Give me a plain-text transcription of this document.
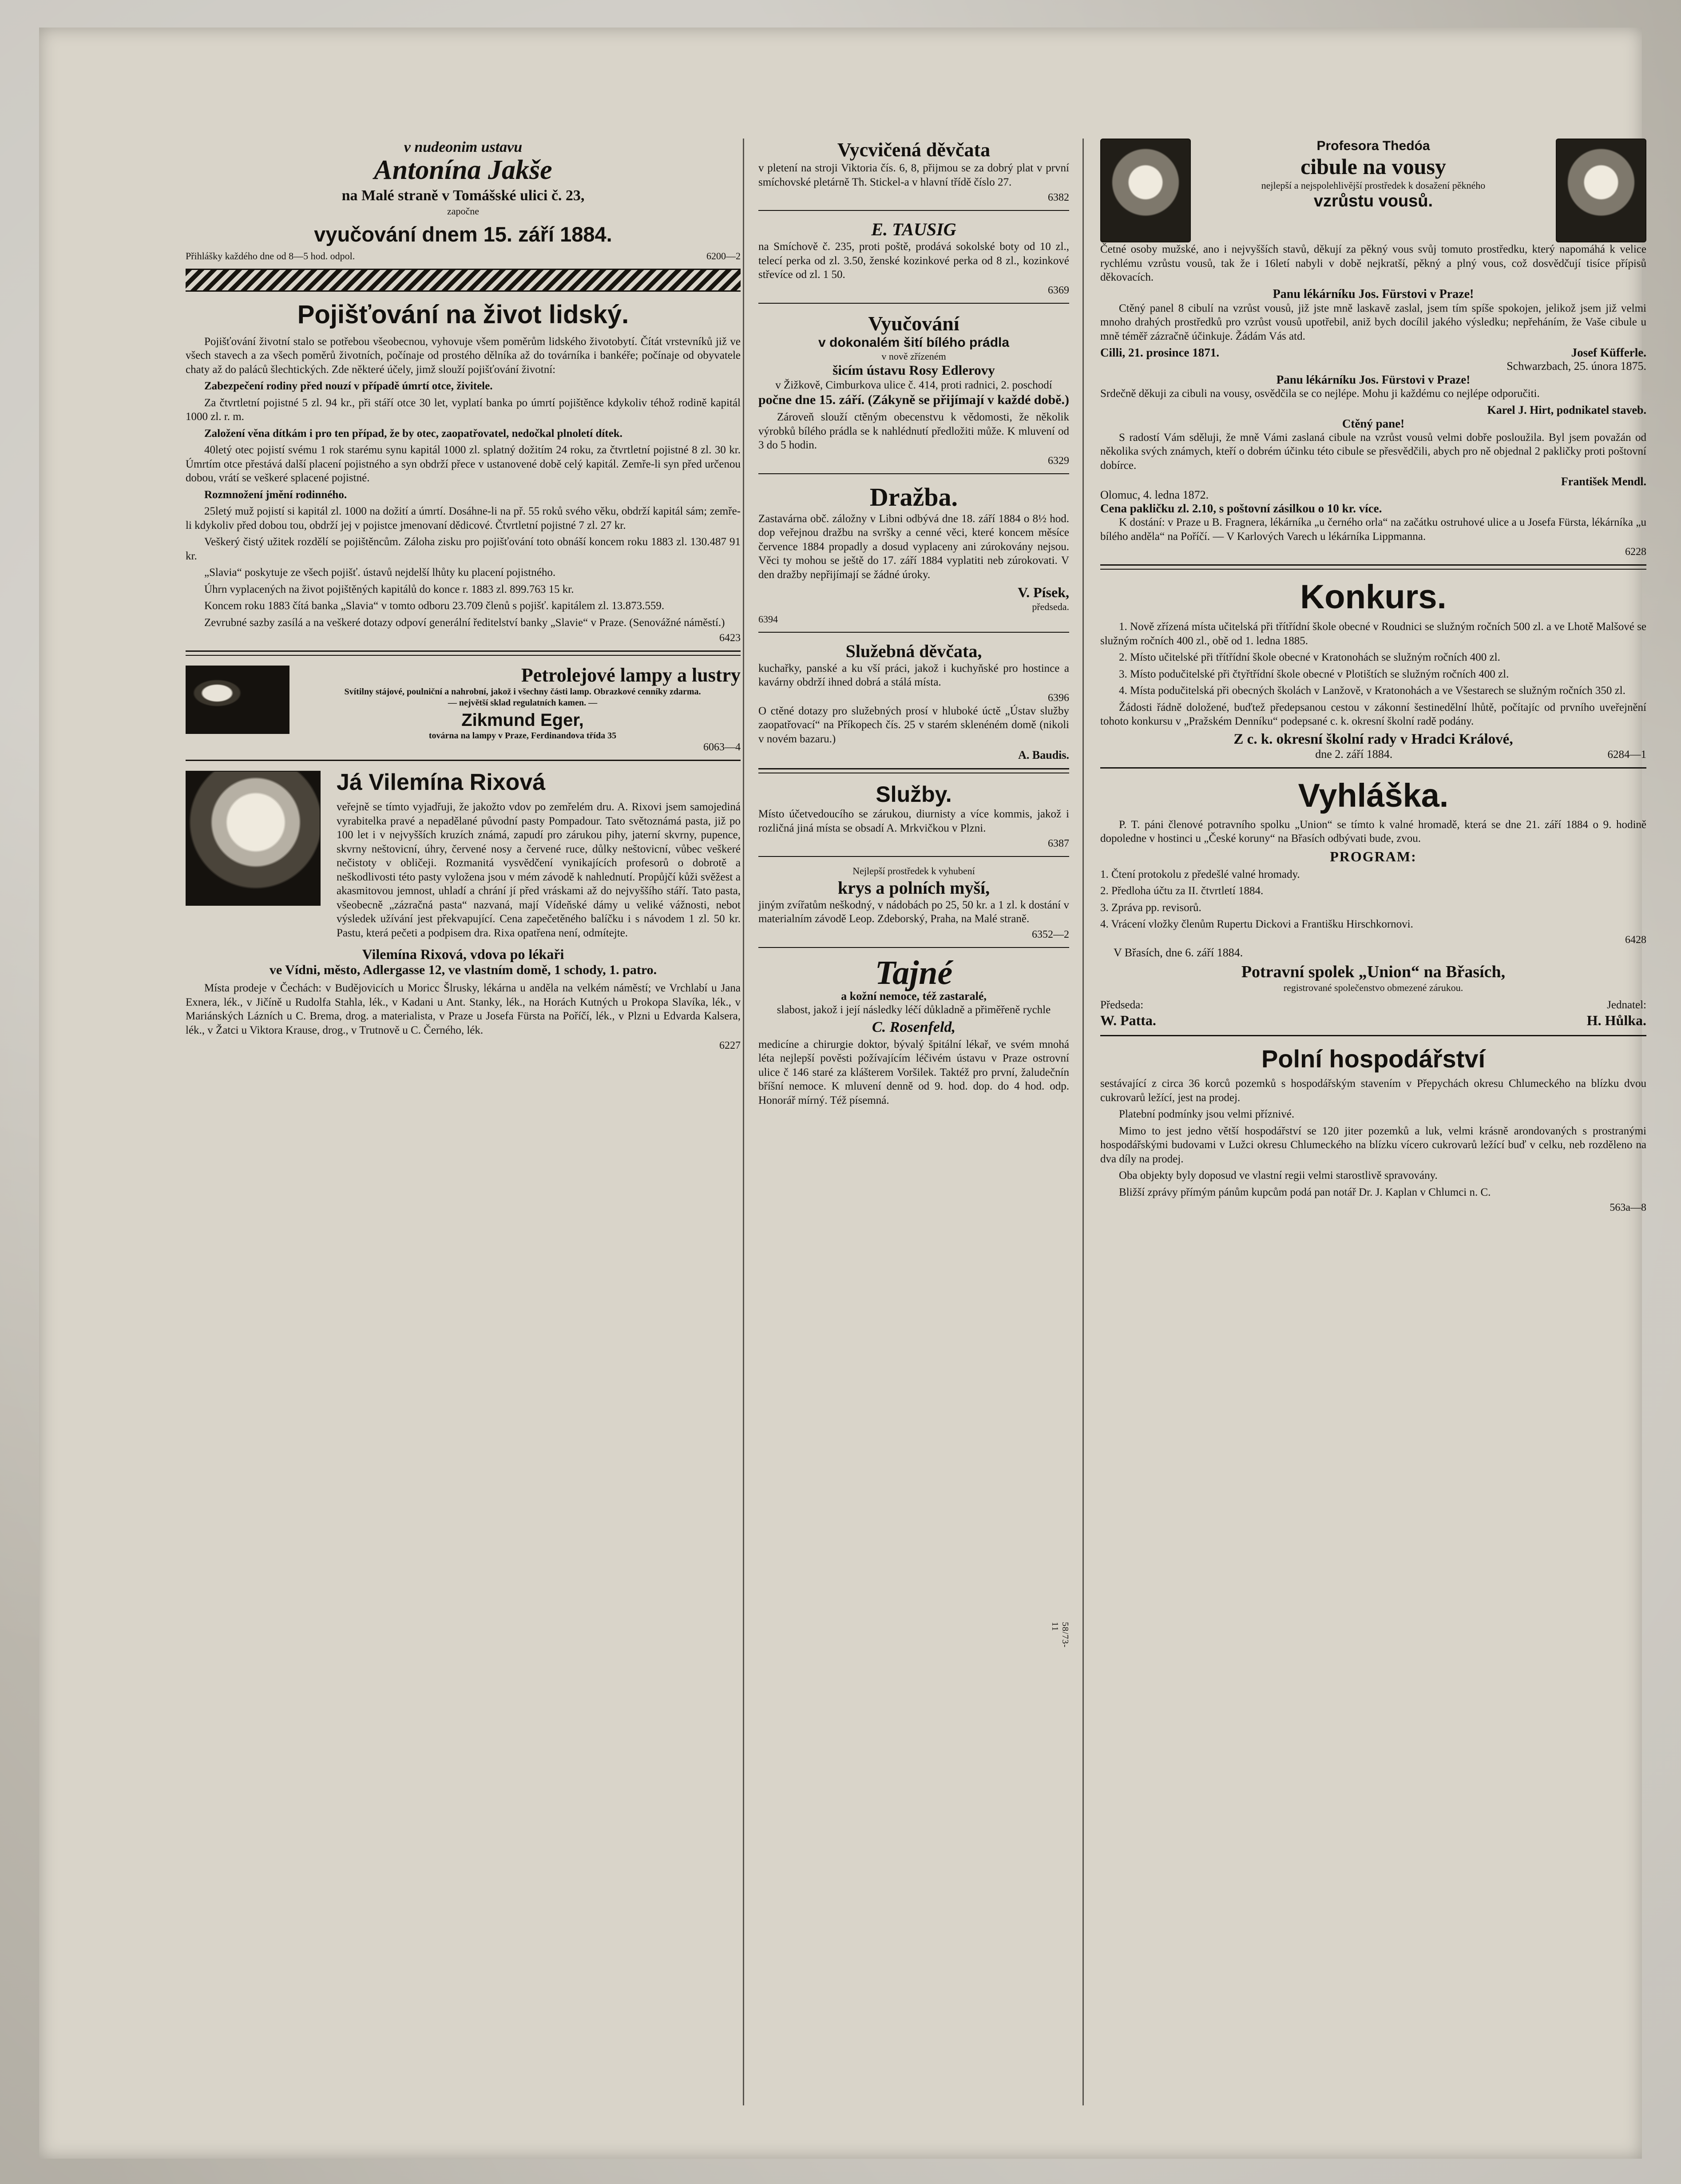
v nudeonim ustavu
Antonína Jakše
na Malé straně v Tomášské ulici č. 23,
započne
vyučování dnem 15. září 1884.
Přihlášky každého dne od 8—5 hod. odpol.	6200—2
Pojišťování na život lidský.

Pojišťování životní stalo se potřebou všeobecnou, vyhovuje všem poměrům lidského životobytí. Čítát vrstevníků již ve všech stavech a za všech poměrů životních, počínaje od prostého dělníka až do továrníka i bankéře; počínaje od obyvatele chaty až do paláců šlechtických. Zde některé účely, jimž slouží pojišťování životní:

Zabezpečení rodiny před nouzí v případě úmrtí otce, živitele.

Za čtvrtletní pojistné 5 zl. 94 kr., při stáří otce 30 let, vyplatí banka po úmrtí pojištěnce kdykoliv téhož rodině kapitál 1000 zl. r. m.

Založení věna dítkám i pro ten případ, že by otec, zaopatřovatel, nedočkal plnoletí dítek.

40letý otec pojistí svému 1 rok starému synu kapitál 1000 zl. splatný dožitím 24 roku, za čtvrtletní pojistné 8 zl. 30 kr. Úmrtím otce přestává další placení pojistného a syn obdrží přece v ustanovené době celý kapitál. Zemře-li syn před určenou dobou, vrátí se veškeré splacené pojistné.

Rozmnožení jmění rodinného.

25letý muž pojistí si kapitál zl. 1000 na dožití a úmrtí. Dosáhne-li na př. 55 roků svého věku, obdrží kapitál sám; zemře-li kdykoliv před dobou tou, obdrží jej v pojistce jmenovaní dědicové. Čtvrtletní pojistné 7 zl. 27 kr.

Veškerý čistý užitek rozdělí se pojištěncům. Záloha zisku pro pojišťování toto obnáší koncem roku 1883 zl. 130.487 91 kr.

„Slavia“ poskytuje ze všech pojišť. ústavů nejdelší lhůty ku placení pojistného.

Úhrn vyplacených na život pojištěných kapitálů do konce r. 1883 zl. 899.763 15 kr.

Koncem roku 1883 čítá banka „Slavia“ v tomto odboru 23.709 členů s pojišť. kapitálem zl. 13.873.559.

Zevrubné sazby zasílá a na veškeré dotazy odpoví generální ředitelství banky „Slavie“ v Praze. (Senovážné náměstí.)

6423
Petrolejové lampy a lustry
Svítilny stájové, poulniční a nahrobní, jakož i všechny části lamp. Obrazkové cenníky zdarma.
— největší sklad regulatních kamen. —
Zikmund Eger,
továrna na lampy v Praze, Ferdinandova třída 35
6063—4
Já Vilemína Rixová

veřejně se tímto vyjadřuji, že jakožto vdov po zemřelém dru. A. Rixovi jsem samojediná vyrabitelka pravé a nepadělané původní pasty Pompadour. Tato světoznámá pasta, již po 100 let i v nejvyšších kruzích známá, zapudí pro zárukou pihy, jaterní skvrny, pupence, skvrny neštovicní, úhry, červené nosy a červené ruce, důlky neštovicní, vůbec veškeré nečistoty v obličeji. Rozmanitá vysvědčení vynikajících profesorů o dobrotě a neškodlivosti této pasty vyložena jsou v mém závodě k nahlednutí. Propůjčí kůži svěžest a akasmitovou jemnost, uhladí a chrání jí před vráskami až do nejvyššího stáří. Tato pasta, všeobecně „zázračná pasta“ nazvaná, mají Vídeňské dámy u veliké vážnosti, nebot výsledek užívání jest překvapující. Cena zapečetěného balíčku i s návodem 1 zl. 50 kr. Pastu, která pečeti a podpisem dra. Rixa opatřena není, odmítejte.

Vilemína Rixová, vdova po lékaři
ve Vídni, město, Adlergasse 12, ve vlastním domě, 1 schody, 1. patro.

Místa prodeje v Čechách: v Budějovicích u Moricc Šlrusky, lékárna u anděla na velkém náměstí; ve Vrchlabí u Jana Exnera, lék., v Jičíně u Rudolfa Stahla, lék., v Kadani u Ant. Stanky, lék., na Horách Kutných u Prokopa Slavíka, lék., v Mariánských Lázních u C. Brema, drog. a materialista, v Praze u Josefa Fürsta na Poříčí, lék., v Plzni u Edvarda Kalsera, lék., v Žatci u Viktora Krause, drog., v Trutnově u C. Černého, lék.

6227
Vycvičená děvčata

v pletení na stroji Viktoria čís. 6, 8, přijmou se za dobrý plat v první smíchovské pletárně Th. Stickel-a v hlavní třídě číslo 27.

6382
E. TAUSIG

na Smíchově č. 235, proti poště, prodává sokolské boty od 10 zl., telecí perka od zl. 3.50, ženské kozinkové perka od 8 zl., kozinkové střevíce od zl. 1 50.

6369
Vyučování
v dokonalém šití bílého prádla
v nově zřízeném
šicím ústavu Rosy Edlerovy
v Žižkově, Cimburkova ulice č. 414, proti radnici, 2. poschodí
počne dne 15. září. (Zákyně se přijímají v každé době.)

Zároveň slouží ctěným obecenstvu k vědomosti, že několik výrobků bílého prádla se k nahlédnutí předložiti může. K mluvení od 3 do 5 hodin.

6329
Dražba.

Zastavárna obč. záložny v Libni odbývá dne 18. září 1884 o 8½ hod. dop veřejnou dražbu na svršky a cenné věci, které koncem měsíce července 1884 propadly a dosud vyplaceny ani zúrokovány nejsou. Věci ty mohou se ještě do 17. září 1884 vyplatiti neb zúrokovati. V den dražby nepřijímají se žádné úroky.

V. Písek,
předseda.
6394
Služebná děvčata,

kuchařky, panské a ku vší práci, jakož i kuchyňské pro hostince a kavárny obdrží ihned dobrá a stálá místa.

6396

O ctěné dotazy pro služebných prosí v hluboké úctě „Ústav služby zaopatřovací“ na Příkopech čís. 25 v starém sklenéném domě (nikoli v novém bazaru.)

A. Baudis.
Služby.

Místo účetvedoucího se zárukou, diurnisty a více kommis, jakož i rozličná jiná místa se obsadí A. Mrkvičkou v Plzni.

6387
Nejlepší prostředek k vyhubení
krys a polních myší,

jiným zvířatům neškodný, v nádobách po 25, 50 kr. a 1 zl. k dostání v materialním závodě Leop. Zdeborský, Praha, na Malé straně.

6352—2
Tajné
a kožní nemoce, též zastaralé,
slabost, jakož i její následky léčí důkladně a přiměřeně rychle
C. Rosenfeld,

medicíne a chirurgie doktor, bývalý špitální lékař, ve svém mnohá léta nejlepší pověsti požívajícím léčivém ústavu v Praze ostrovní ulice č 146 staré za klášterem Voršilek. Taktéž pro první, žaludečnín bříšní nemoce. K mluvení denně od 9. hod. dop. do 4 hod. odp. Honorář mírný. Též písemná.

58/73-11
Profesora Thedóa
cibule na vousy
nejlepší a nejspolehlivější prostředek k dosažení pěkného
vzrůstu vousů.

Četné osoby mužské, ano i nejvyšších stavů, děkují za pěkný vous svůj tomuto prostředku, který napomáhá k velice rychlému vzrůstu vousů, tak že i 16letí nabyli v době nejkratší, pěkný a plný vous, což dosvědčují tisíce přípisů děkovacích.

Panu lékárníku Jos. Fürstovi v Praze!

Ctěný panel 8 cibulí na vzrůst vousů, již jste mně laskavě zaslal, jsem tím spíše spokojen, jelikož jsem již velmi mnoho drahých prostředků pro vzrůst vousů upotřebil, aniž bych docílil jakého výsledku; nepřeháním, že Vaše cibule u mně téměř zázračně účinkuje. Žádám Vás atd.

Cilli, 21. prosince 1871.	Josef Küfferle.
Schwarzbach, 25. února 1875.
Panu lékárníku Jos. Fürstovi v Praze!

Srdečně děkuji za cibuli na vousy, osvědčila se co nejlépe. Mohu ji každému co nejlépe odporučiti.

Karel J. Hirt, podnikatel staveb.
Ctěný pane!

S radostí Vám sděluji, že mně Vámi zaslaná cibule na vzrůst vousů velmi dobře posloužila. Byl jsem považán od několika svých známych, kteří o dobrém účinku této cibule se přesvědčili, abych pro ně objednal 2 pakličky proti poštovní dobírce.

František Mendl.
Olomuc, 4. ledna 1872.
Cena pakličku zl. 2.10, s poštovní zásilkou o 10 kr. více.

K dostání: v Praze u B. Fragnera, lékárníka „u černého orla“ na začátku ostruhové ulice a u Josefa Fürsta, lékárníka „u bílého anděla“ na Poříčí. — V Karlových Varech u lékárníka Lippmanna.

6228
Konkurs.

1. Nově zřízená místa učitelská při třítřídní škole obecné v Roudnici se služným ročních 500 zl. a ve Lhotě Malšové se služným ročních 400 zl., obě od 1. ledna 1885.

2. Místo učitelské při třítřídní škole obecné v Kratonohách se služným ročních 400 zl.

3. Místo podučitelské při čtyřtřídní škole obecné v Plotištích se služným ročních 400 zl.

4. Místa podučitelská při obecných školách v Lanžově, v Kratonohách a ve Všestarech se služným ročních 350 zl.

Žádosti řádně doložené, buďtež předepsanou cestou v zákonní šestinedělní lhůtě, počítajíc od prvního uveřejnění tohoto konkursu v „Pražském Denníku“ podepsané c. k. okresní školní radě podány.

Z c. k. okresní školní rady v Hradci Králové,
dne 2. září 1884.	6284—1
Vyhláška.

P. T. páni členové potravního spolku „Union“ se tímto k valné hromadě, která se dne 21. září 1884 o 9. hodině dopoledne v hostinci u „České koruny“ na Břasích odbývati bude, zvou.

PROGRAM:

1. Čtení protokolu z předešlé valné hromady.

2. Předloha účtu za II. čtvrtletí 1884.

3. Zpráva pp. revisorů.

4. Vrácení vložky členům Rupertu Dickovi a Františku Hirschkornovi.

6428
V Břasích, dne 6. září 1884.
Potravní spolek „Union“ na Břasích,
registrované společenstvo obmezené zárukou.
Předseda:	Jednatel:
W. Patta.	H. Hůlka.
Polní hospodářství

sestávající z circa 36 korců pozemků s hospodářským stavením v Přepychách okresu Chlumeckého na blízku dvou cukrovarů ležící, jest na prodej.

Platební podmínky jsou velmi příznivé.

Mimo to jest jedno větší hospodářství se 120 jiter pozemků a luk, velmi krásně arondovaných s prostranými hospodářskými budovami v Lužci okresu Chlumeckého na blízku vícero cukrovarů ležící buď v celku, neb rozděleno na dva díly na prodej.

Oba objekty byly doposud ve vlastní regii velmi starostlivě spravovány.

Bližší zprávy přímým pánům kupcům podá pan notář Dr. J. Kaplan v Chlumci n. C.

563a—8
